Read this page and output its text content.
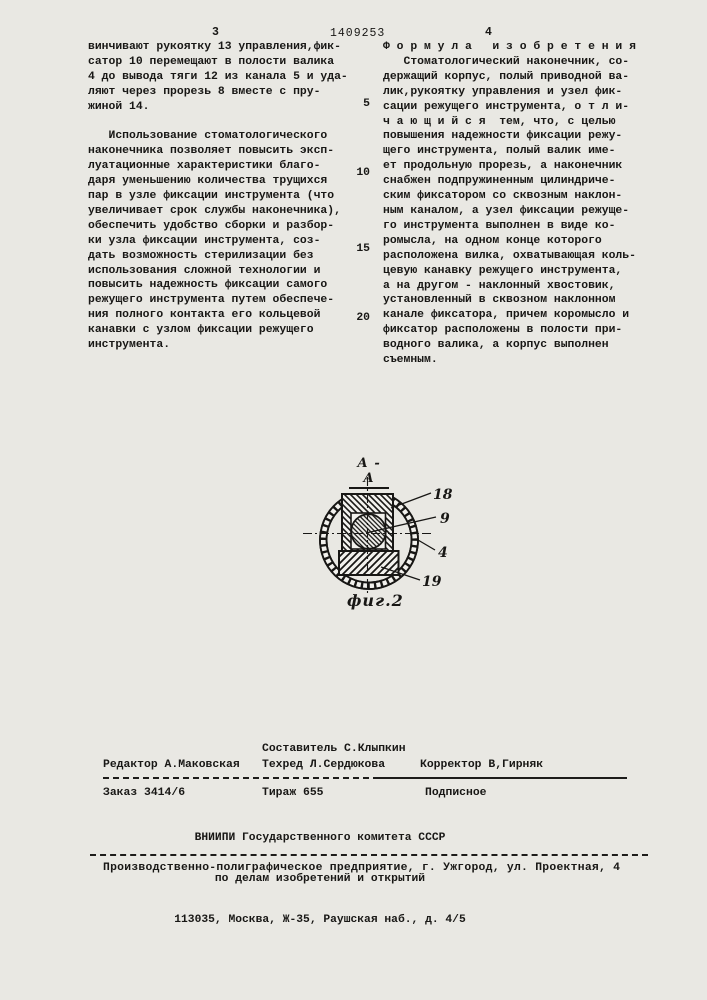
3	1409253	4
винчивают рукоятку 13 управления,фик-
сатор 10 перемещают в полости валика
4 до вывода тяги 12 из канала 5 и уда-
ляют через прорезь 8 вместе с пру-
жиной 14.
Использование стоматологического
наконечника позволяет повысить эксп-
луатационные характеристики благо-
даря уменьшению количества трущихся
пар в узле фиксации инструмента (что
увеличивает срок службы наконечника),
обеспечить удобство сборки и разбор-
ки узла фиксации инструмента, соз-
дать возможность стерилизации без
использования сложной технологии и
повысить надежность фиксации самого
режущего инструмента путем обеспече-
ния полного контакта его кольцевой
канавки с узлом фиксации режущего
инструмента.
Ф о р м у л а   и з о б р е т е н и я
Стоматологический наконечник, со-
держащий корпус, полый приводной ва-
лик,рукоятку управления и узел фик-
сации режущего инструмента, о т л и-
ч а ю щ и й с я  тем, что, с целью
повышения надежности фиксации режу-
щего инструмента, полый валик име-
ет продольную прорезь, а наконечник
снабжен подпружиненным цилиндриче-
ским фиксатором со сквозным наклон-
ным каналом, а узел фиксации режуще-
го инструмента выполнен в виде ко-
ромысла, на одном конце которого
расположена вилка, охватывающая коль-
цевую канавку режущего инструмента,
а на другом - наклонный хвостовик,
установленный в сквозном наклонном
канале фиксатора, причем коромысло и
фиксатор расположены в полости при-
водного валика, а корпус выполнен
съемным.
5
10
15
20
А - А
18
9
4
19
фиг.2
Составитель С.Клыпкин
Редактор А.Маковская Техред Л.Сердюкова	Корректор В,Гирняк
Заказ 3414/6	Тираж 655	Подписное

ВНИИПИ Государственного комитета СССР

по делам изобретений и открытий

113035, Москва, Ж-35, Раушская наб., д. 4/5

Производственно-полиграфическое предприятие, г. Ужгород, ул. Проектная, 4
